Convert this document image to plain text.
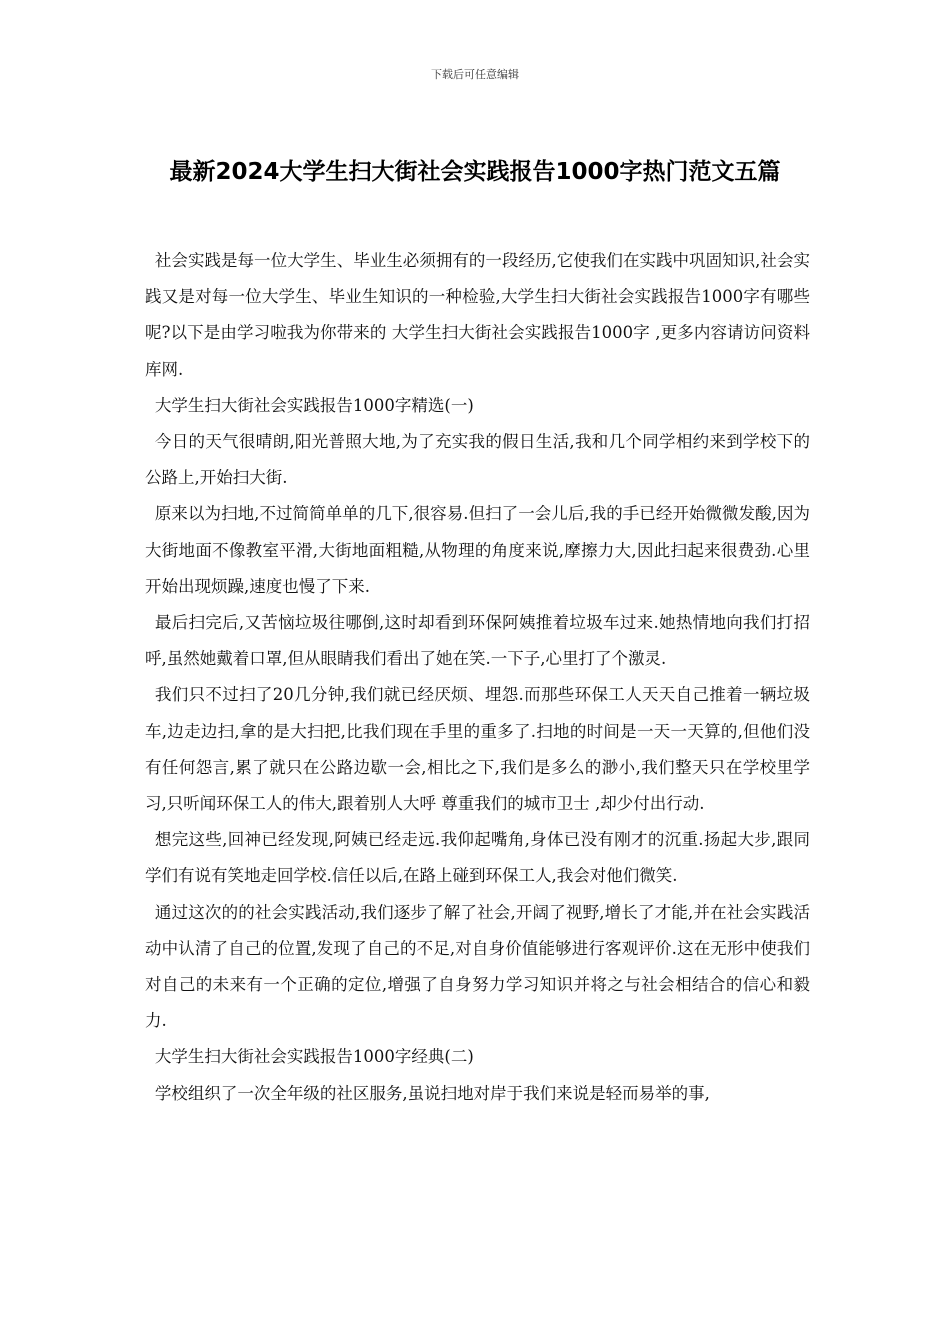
下载后可任意编辑
最新2024大学生扫大街社会实践报告1000字热门范文五篇

社会实践是每一位大学生、毕业生必须拥有的一段经历,它使我们在实践中巩固知识,社会实践又是对每一位大学生、毕业生知识的一种检验,大学生扫大街社会实践报告1000字有哪些呢?以下是由学习啦我为你带来的 大学生扫大街社会实践报告1000字 ,更多内容请访问资料库网.

大学生扫大街社会实践报告1000字精选(一)

今日的天气很晴朗,阳光普照大地,为了充实我的假日生活,我和几个同学相约来到学校下的公路上,开始扫大街.

原来以为扫地,不过简简单单的几下,很容易.但扫了一会儿后,我的手已经开始微微发酸,因为大街地面不像教室平滑,大街地面粗糙,从物理的角度来说,摩擦力大,因此扫起来很费劲.心里开始出现烦躁,速度也慢了下来.

最后扫完后,又苦恼垃圾往哪倒,这时却看到环保阿姨推着垃圾车过来.她热情地向我们打招呼,虽然她戴着口罩,但从眼睛我们看出了她在笑.一下子,心里打了个激灵.

我们只不过扫了20几分钟,我们就已经厌烦、埋怨.而那些环保工人天天自己推着一辆垃圾车,边走边扫,拿的是大扫把,比我们现在手里的重多了.扫地的时间是一天一天算的,但他们没有任何怨言,累了就只在公路边歇一会,相比之下,我们是多么的渺小,我们整天只在学校里学习,只听闻环保工人的伟大,跟着别人大呼 尊重我们的城市卫士 ,却少付出行动.

想完这些,回神已经发现,阿姨已经走远.我仰起嘴角,身体已没有刚才的沉重.扬起大步,跟同学们有说有笑地走回学校.信任以后,在路上碰到环保工人,我会对他们微笑.

通过这次的的社会实践活动,我们逐步了解了社会,开阔了视野,增长了才能,并在社会实践活动中认清了自己的位置,发现了自己的不足,对自身价值能够进行客观评价.这在无形中使我们对自己的未来有一个正确的定位,增强了自身努力学习知识并将之与社会相结合的信心和毅力.

大学生扫大街社会实践报告1000字经典(二)

学校组织了一次全年级的社区服务,虽说扫地对岸于我们来说是轻而易举的事,
